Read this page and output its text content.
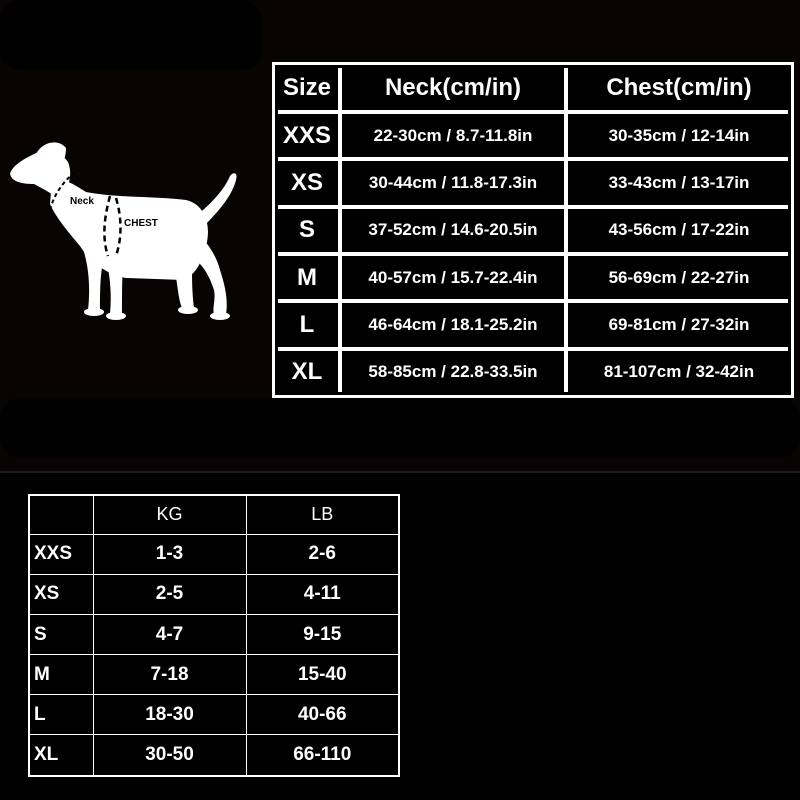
Neck
CHEST
Size	Neck(cm/in)	Chest(cm/in)
XXS	22-30cm / 8.7-11.8in	30-35cm / 12-14in
XS	30-44cm / 11.8-17.3in	33-43cm / 13-17in
S	37-52cm / 14.6-20.5in	43-56cm / 17-22in
M	40-57cm / 15.7-22.4in	56-69cm / 22-27in
L	46-64cm / 18.1-25.2in	69-81cm / 27-32in
XL	58-85cm / 22.8-33.5in	81-107cm / 32-42in
	KG	LB
XXS	1-3	2-6
XS	2-5	4-11
S	4-7	9-15
M	7-18	15-40
L	18-30	40-66
XL	30-50	66-110
